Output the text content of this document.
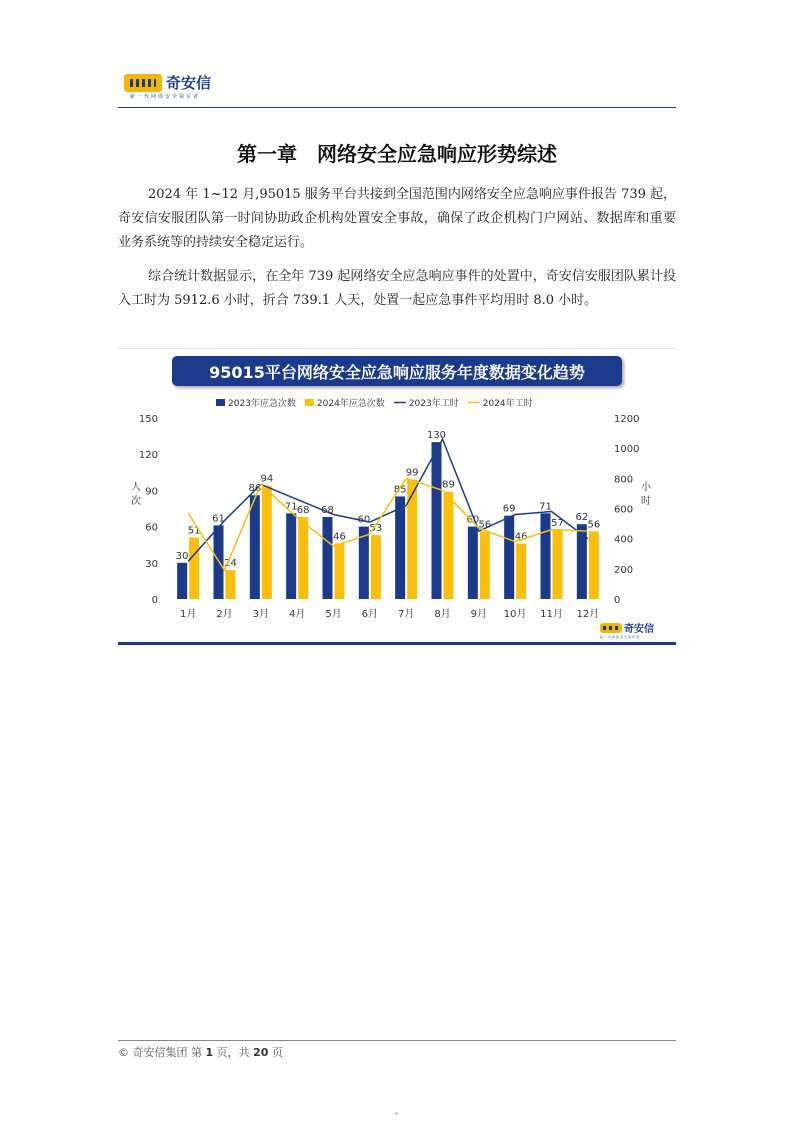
奇安信
新一代网络安全领军者
第一章　网络安全应急响应形势综述

2024 年 1~12 月,95015 服务平台共接到全国范围内网络安全应急响应事件报告 739 起，奇安信安服团队第一时间协助政企机构处置安全事故，确保了政企机构门户网站、数据库和重要业务系统等的持续安全稳定运行。

综合统计数据显示，在全年 739 起网络安全应急响应事件的处置中，奇安信安服团队累计投入工时为 5912.6 小时，折合 739.1 人天，处置一起应急事件平均用时 8.0 小时。

95015平台网络安全应急响应服务年度数据变化趋势
0
30
60
90
120
150
0
200
400
600
800
1000
1200
人
次
小
时
30
51
1月
61
24
2月
86
94
3月
71 68
4月
68
46
5月
60
53
6月
85
99
7月
130
89
8月
60 56
9月
69
46
10月
71
57
11月
62
56
12月
2023年应急次数 2024年应急次数	2023年工时	2024年工时
奇安信
新一代网络安全领军者
© 奇安信集团 第 1 页，共 20 页
